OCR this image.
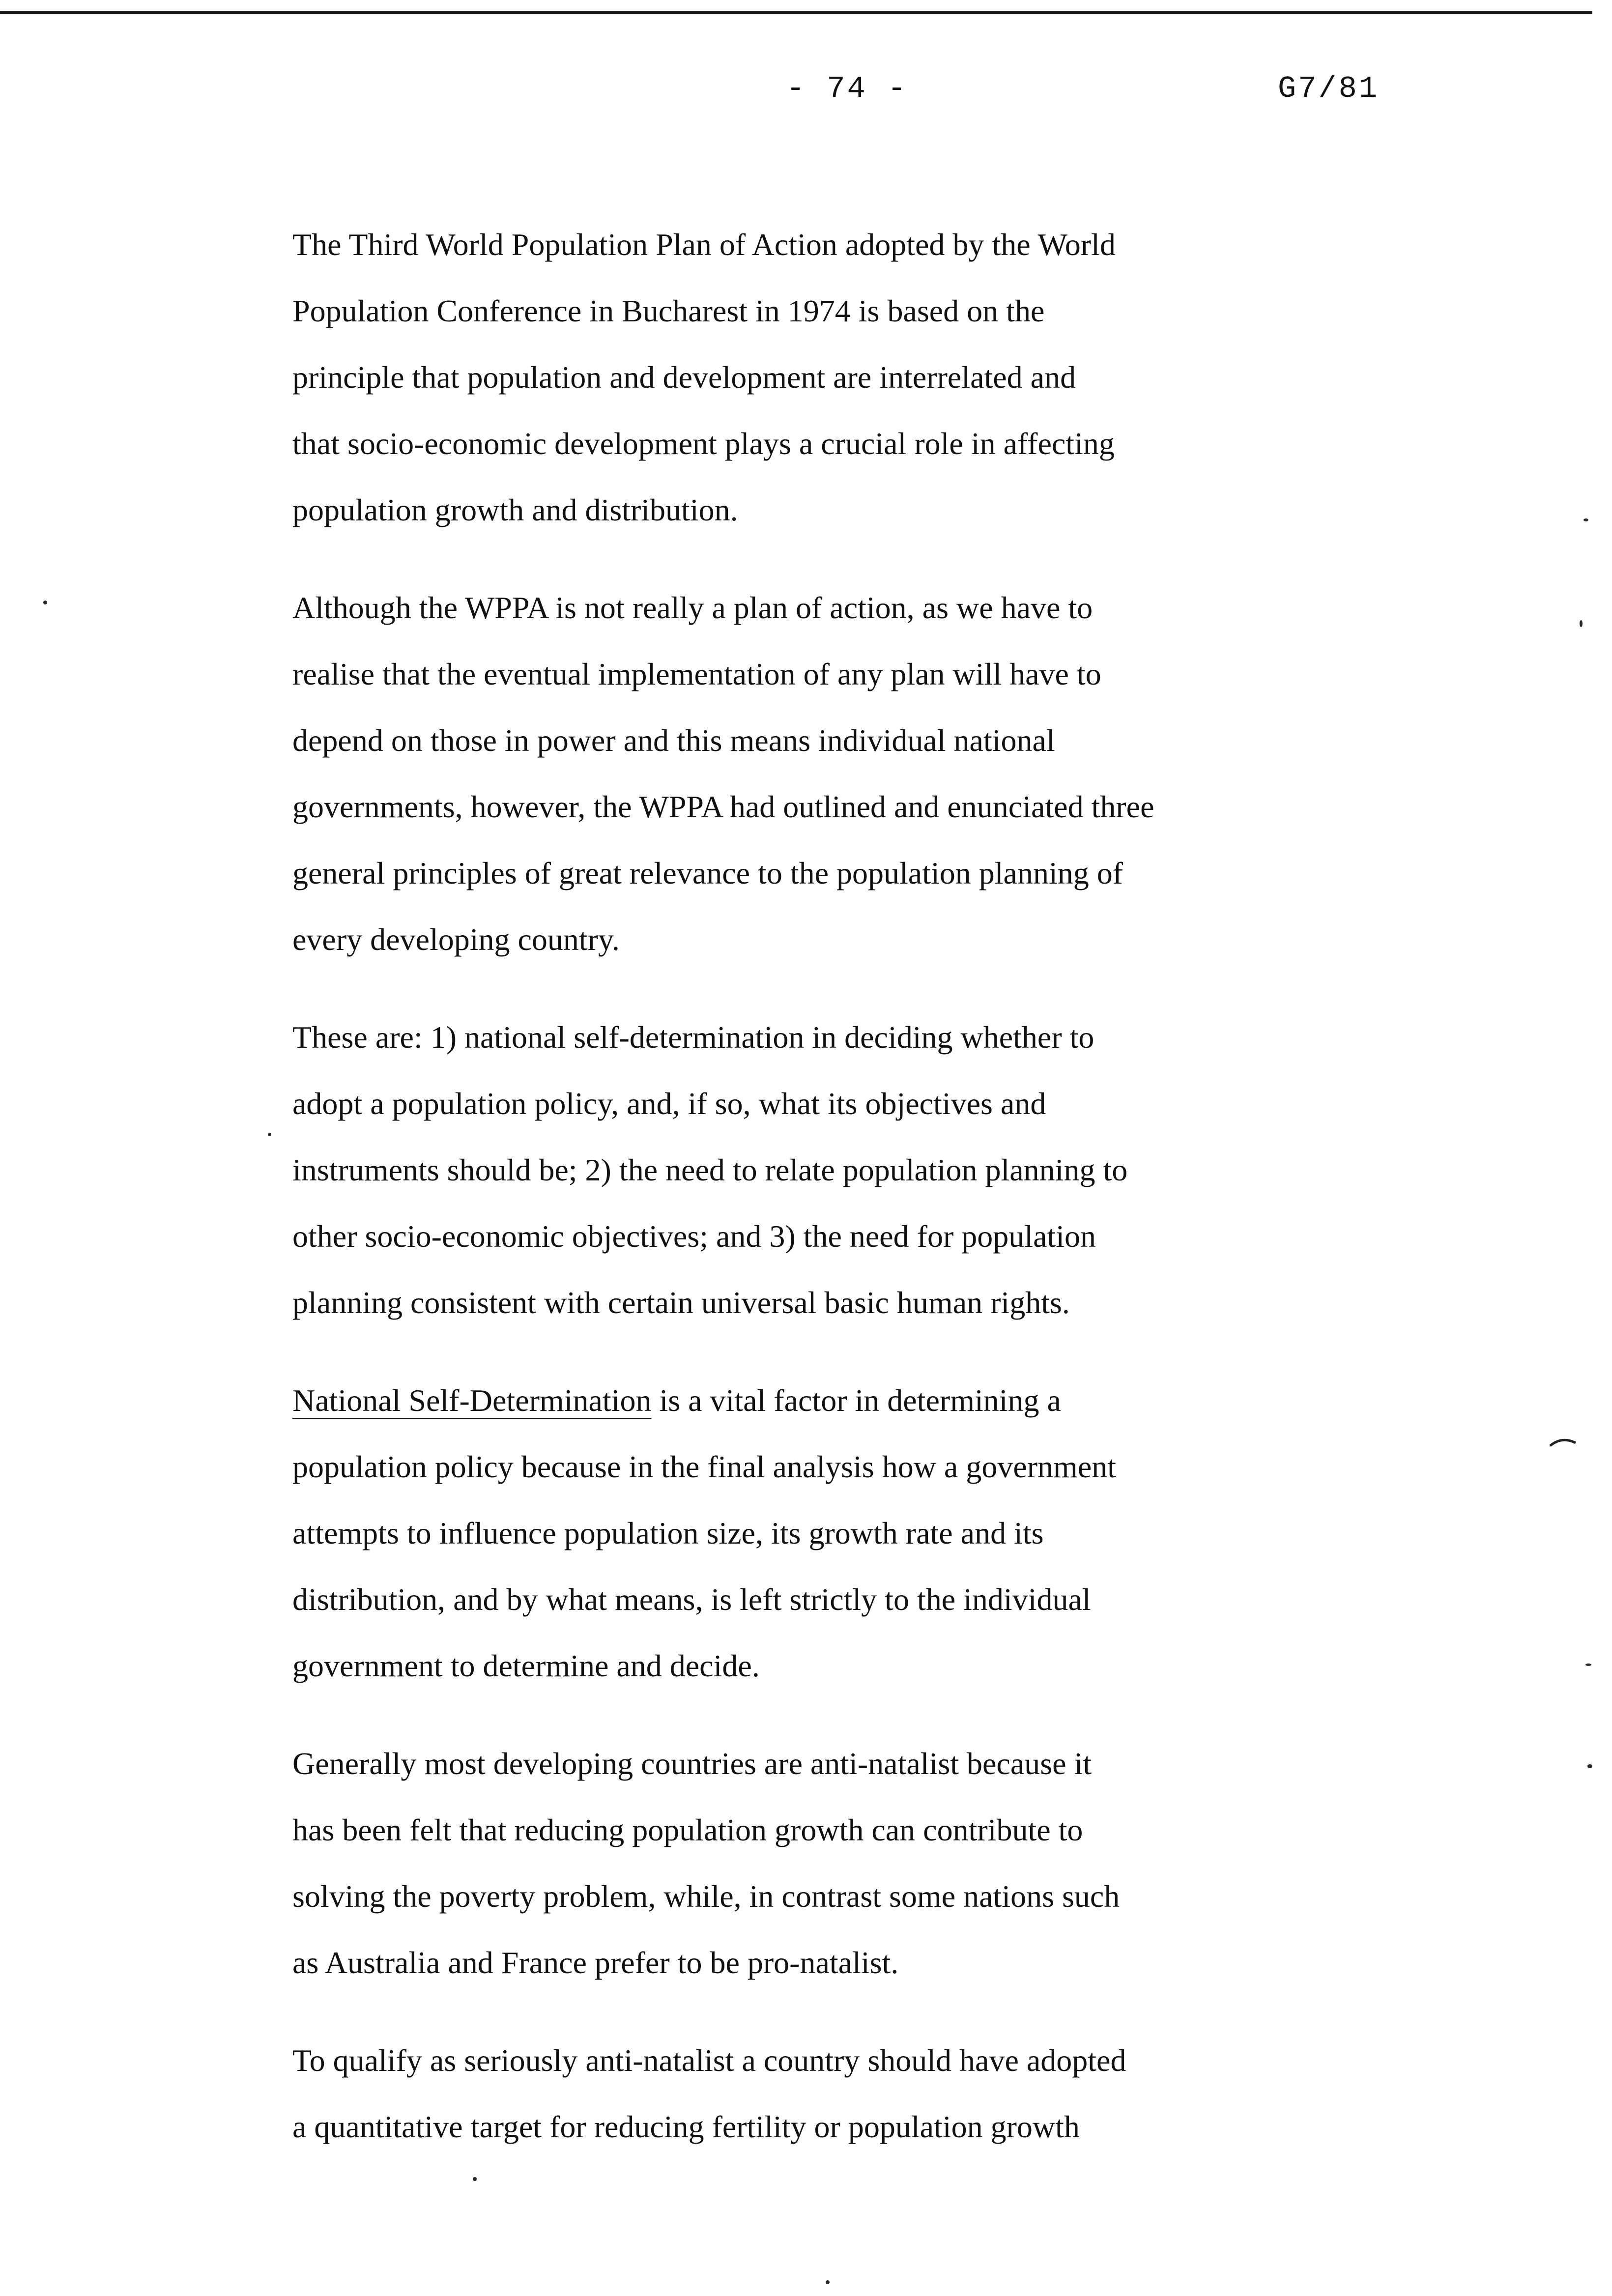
- 74 -	G7/81

The Third World Population Plan of Action adopted by the World
Population Conference in Bucharest in 1974 is based on the
principle that population and development are interrelated and
that socio-economic development plays a crucial role in affecting
population growth and distribution.

Although the WPPA is not really a plan of action, as we have to
realise that the eventual implementation of any plan will have to
depend on those in power and this means individual national
governments, however, the WPPA had outlined and enunciated three
general principles of great relevance to the population planning of
every developing country.

These are: 1) national self-determination in deciding whether to
adopt a population policy, and, if so, what its objectives and
instruments should be; 2) the need to relate population planning to
other socio-economic objectives; and 3) the need for population
planning consistent with certain universal basic human rights.

National Self-Determination is a vital factor in determining a
population policy because in the final analysis how a government
attempts to influence population size, its growth rate and its
distribution, and by what means, is left strictly to the individual
government to determine and decide.

Generally most developing countries are anti-natalist because it
has been felt that reducing population growth can contribute to
solving the poverty problem, while, in contrast some nations such
as Australia and France prefer to be pro-natalist.

To qualify as seriously anti-natalist a country should have adopted
a quantitative target for reducing fertility or population growth
